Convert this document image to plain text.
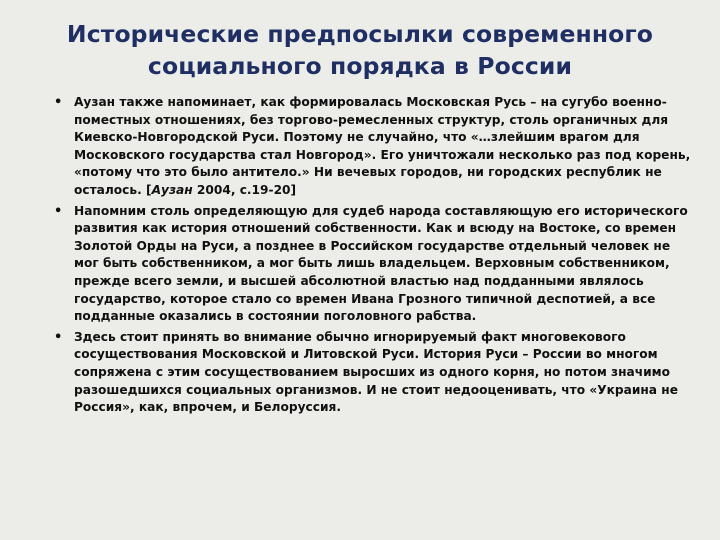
Исторические предпосылки современного социального порядка в России
• Аузан также напоминает, как формировалась Московская Русь – на сугубо военно-поместных отношениях, без торгово-ремесленных структур, столь органичных для Киевско-Новгородской Руси. Поэтому не случайно, что «…злейшим врагом для Московского государства стал Новгород». Его уничтожали несколько раз под корень, «потому что это было антитело.» Ни вечевых городов, ни городских республик не осталось. [Аузан 2004, с.19-20]
• Напомним столь определяющую для судеб народа составляющую его исторического развития как история отношений собственности. Как и всюду на Востоке, со времен Золотой Орды на Руси, а позднее в Российском государстве отдельный человек не мог быть собственником, а мог быть лишь владельцем. Верховным собственником, прежде всего земли, и высшей абсолютной властью над подданными являлось государство, которое стало со времен Ивана Грозного типичной деспотией, а все подданные оказались в состоянии поголовного рабства.
• Здесь стоит принять во внимание обычно игнорируемый факт многовекового сосуществования Московской и Литовской Руси. История Руси – России во многом сопряжена с этим сосуществованием выросших из одного корня, но потом значимо разошедшихся социальных организмов. И не стоит недооценивать, что «Украина не Россия», как, впрочем, и Белоруссия.
